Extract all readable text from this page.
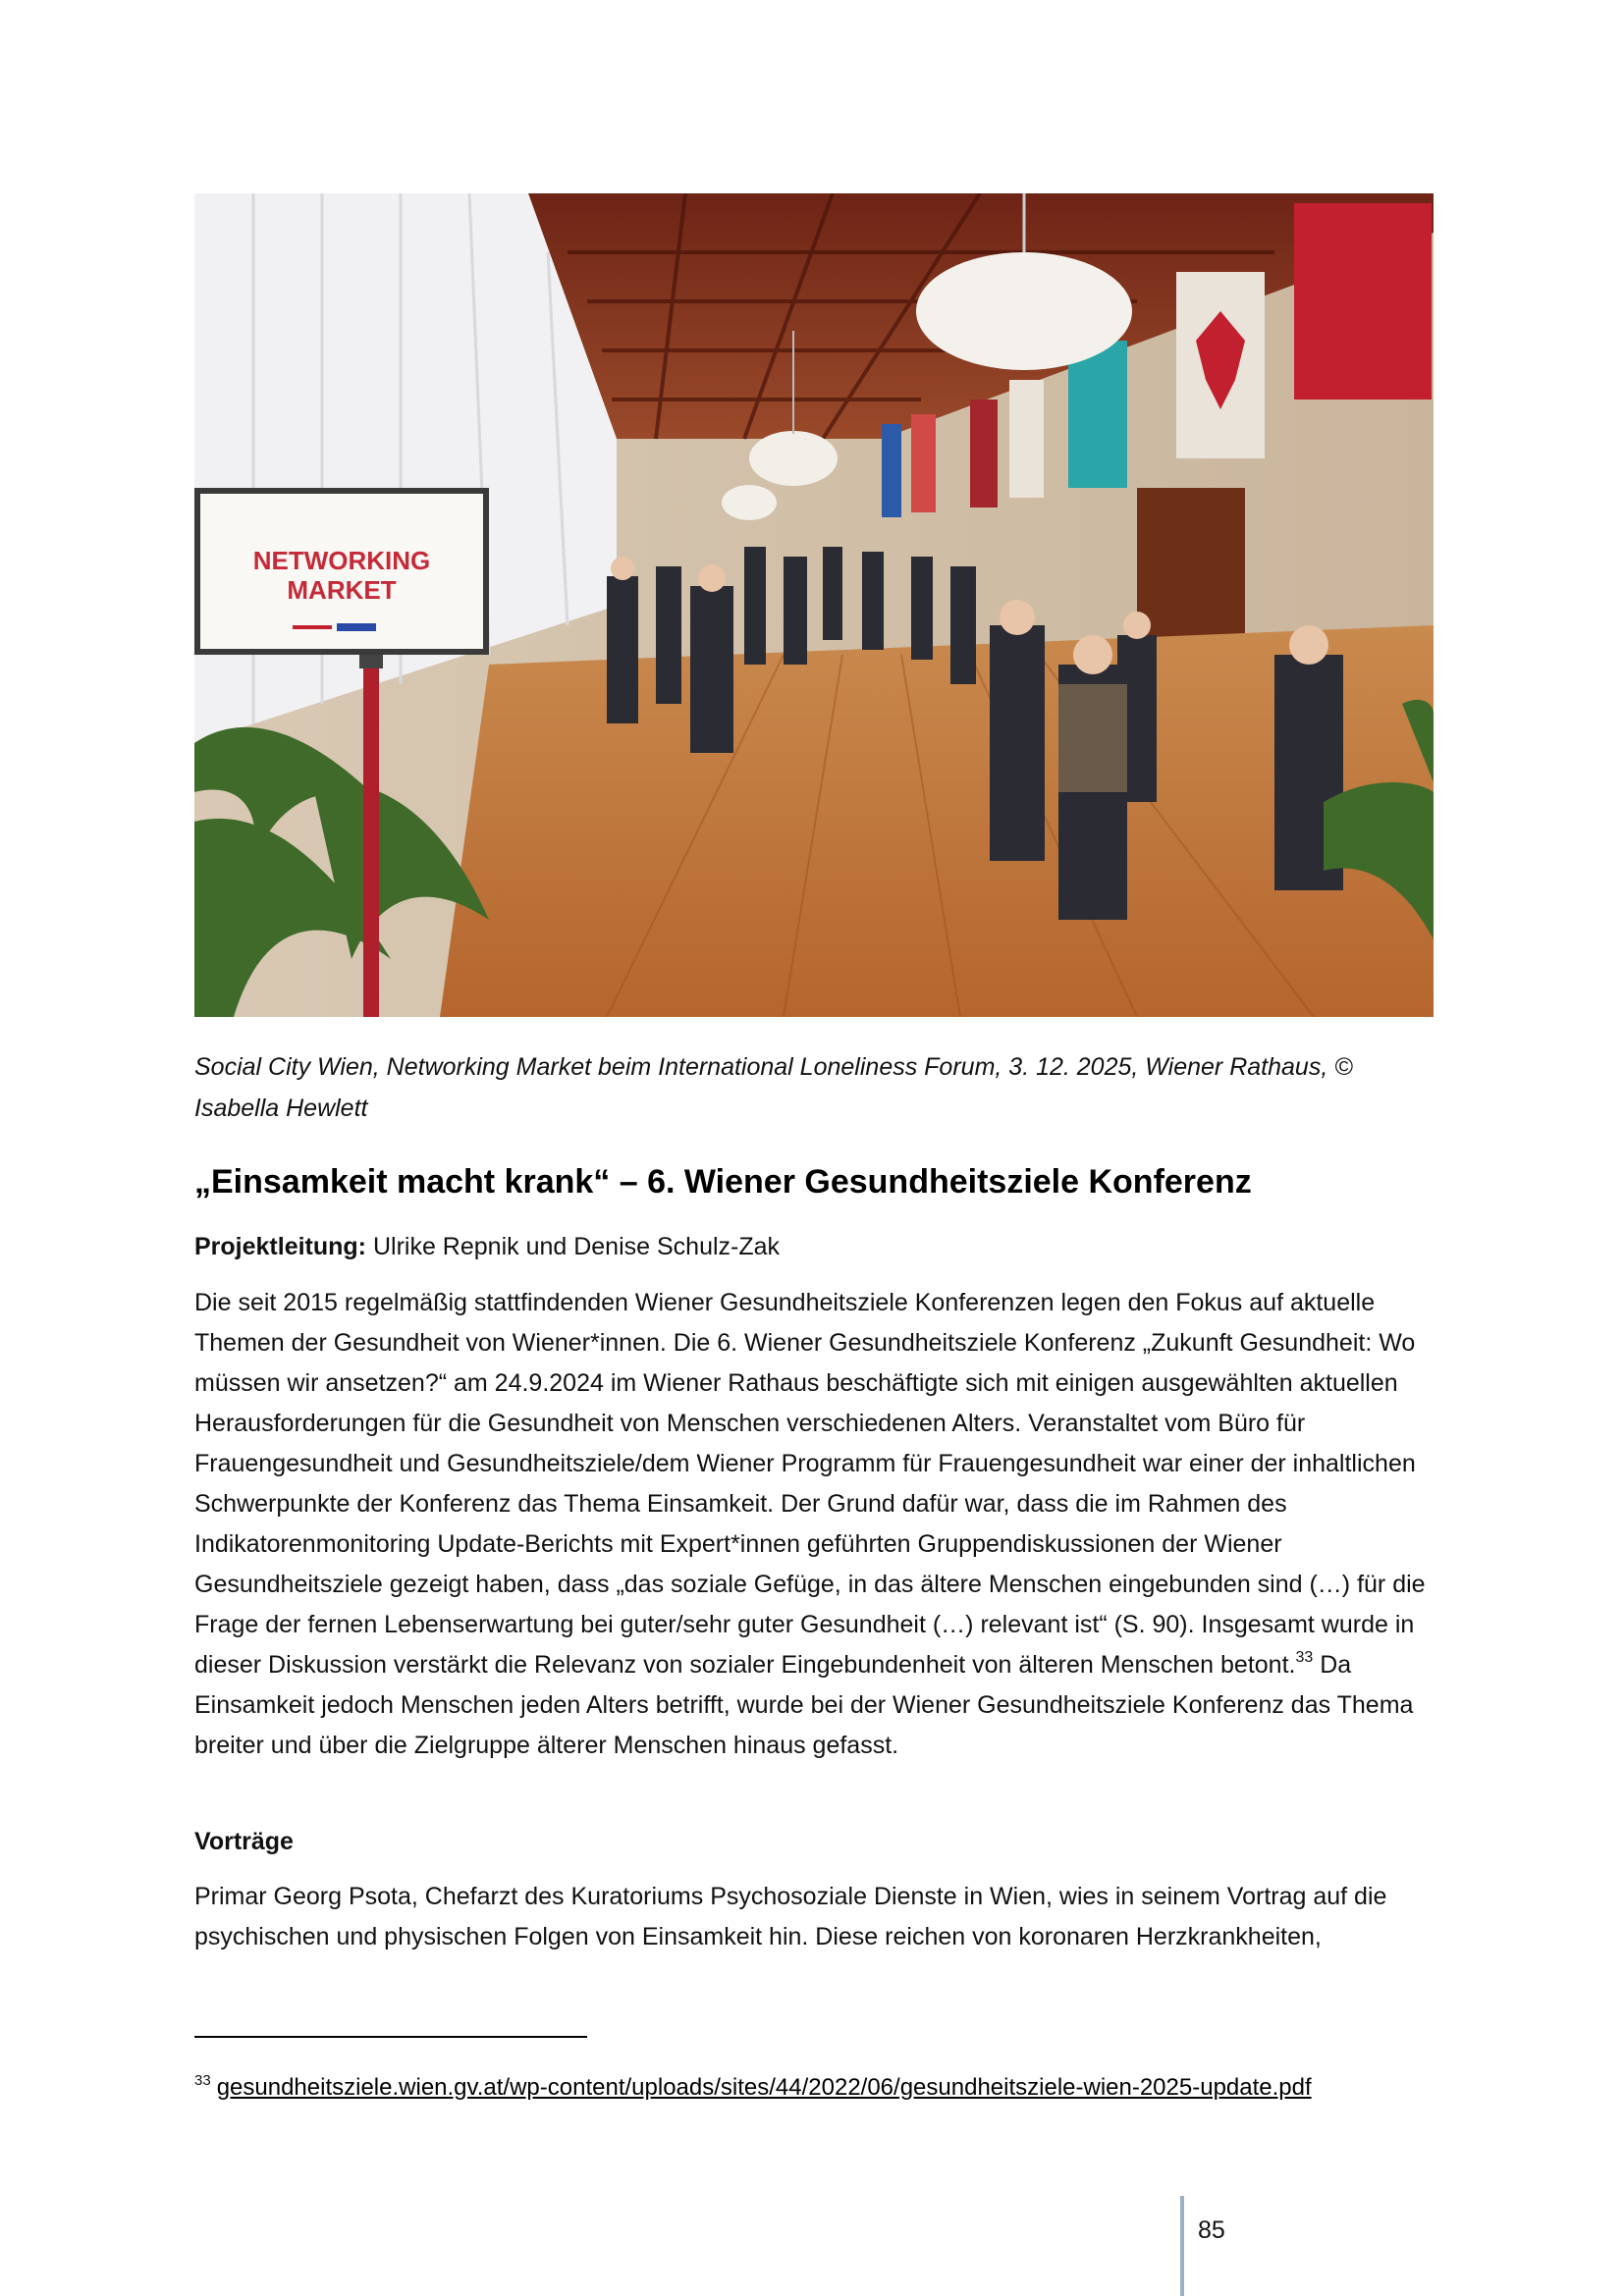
NETWORKING
MARKET
Social City Wien, Networking Market beim International Loneliness Forum, 3. 12. 2025, Wiener Rathaus, © Isabella Hewlett
„Einsamkeit macht krank“ – 6. Wiener Gesundheitsziele Konferenz
Projektleitung: Ulrike Repnik und Denise Schulz-Zak
Die seit 2015 regelmäßig stattfindenden Wiener Gesundheitsziele Konferenzen legen den Fokus auf aktuelle Themen der Gesundheit von Wiener*innen. Die 6. Wiener Gesundheitsziele Konferenz „Zukunft Gesundheit: Wo müssen wir ansetzen?“ am 24.9.2024 im Wiener Rathaus beschäftigte sich mit einigen ausgewählten aktuellen Herausforderungen für die Gesundheit von Menschen verschiedenen Alters. Veranstaltet vom Büro für Frauengesundheit und Gesundheitsziele/dem Wiener Programm für Frauengesundheit war einer der inhaltlichen Schwerpunkte der Konferenz das Thema Einsamkeit. Der Grund dafür war, dass die im Rahmen des Indikatorenmonitoring Update-Berichts mit Expert*innen geführten Gruppendiskussionen der Wiener Gesundheitsziele gezeigt haben, dass „das soziale Gefüge, in das ältere Menschen eingebunden sind (…) für die Frage der fernen Lebenserwartung bei guter/sehr guter Gesundheit (…) relevant ist“ (S. 90). Insgesamt wurde in dieser Diskussion verstärkt die Relevanz von sozialer Eingebundenheit von älteren Menschen betont.$^{33}$ Da Einsamkeit jedoch Menschen jeden Alters betrifft, wurde bei der Wiener Gesundheitsziele Konferenz das Thema breiter und über die Zielgruppe älterer Menschen hinaus gefasst.
Vorträge
Primar Georg Psota, Chefarzt des Kuratoriums Psychosoziale Dienste in Wien, wies in seinem Vortrag auf die psychischen und physischen Folgen von Einsamkeit hin. Diese reichen von koronaren Herzkrankheiten,
$^{33}$ gesundheitsziele.wien.gv.at/wp-content/uploads/sites/44/2022/06/gesundheitsziele-wien-2025-update.pdf
85
